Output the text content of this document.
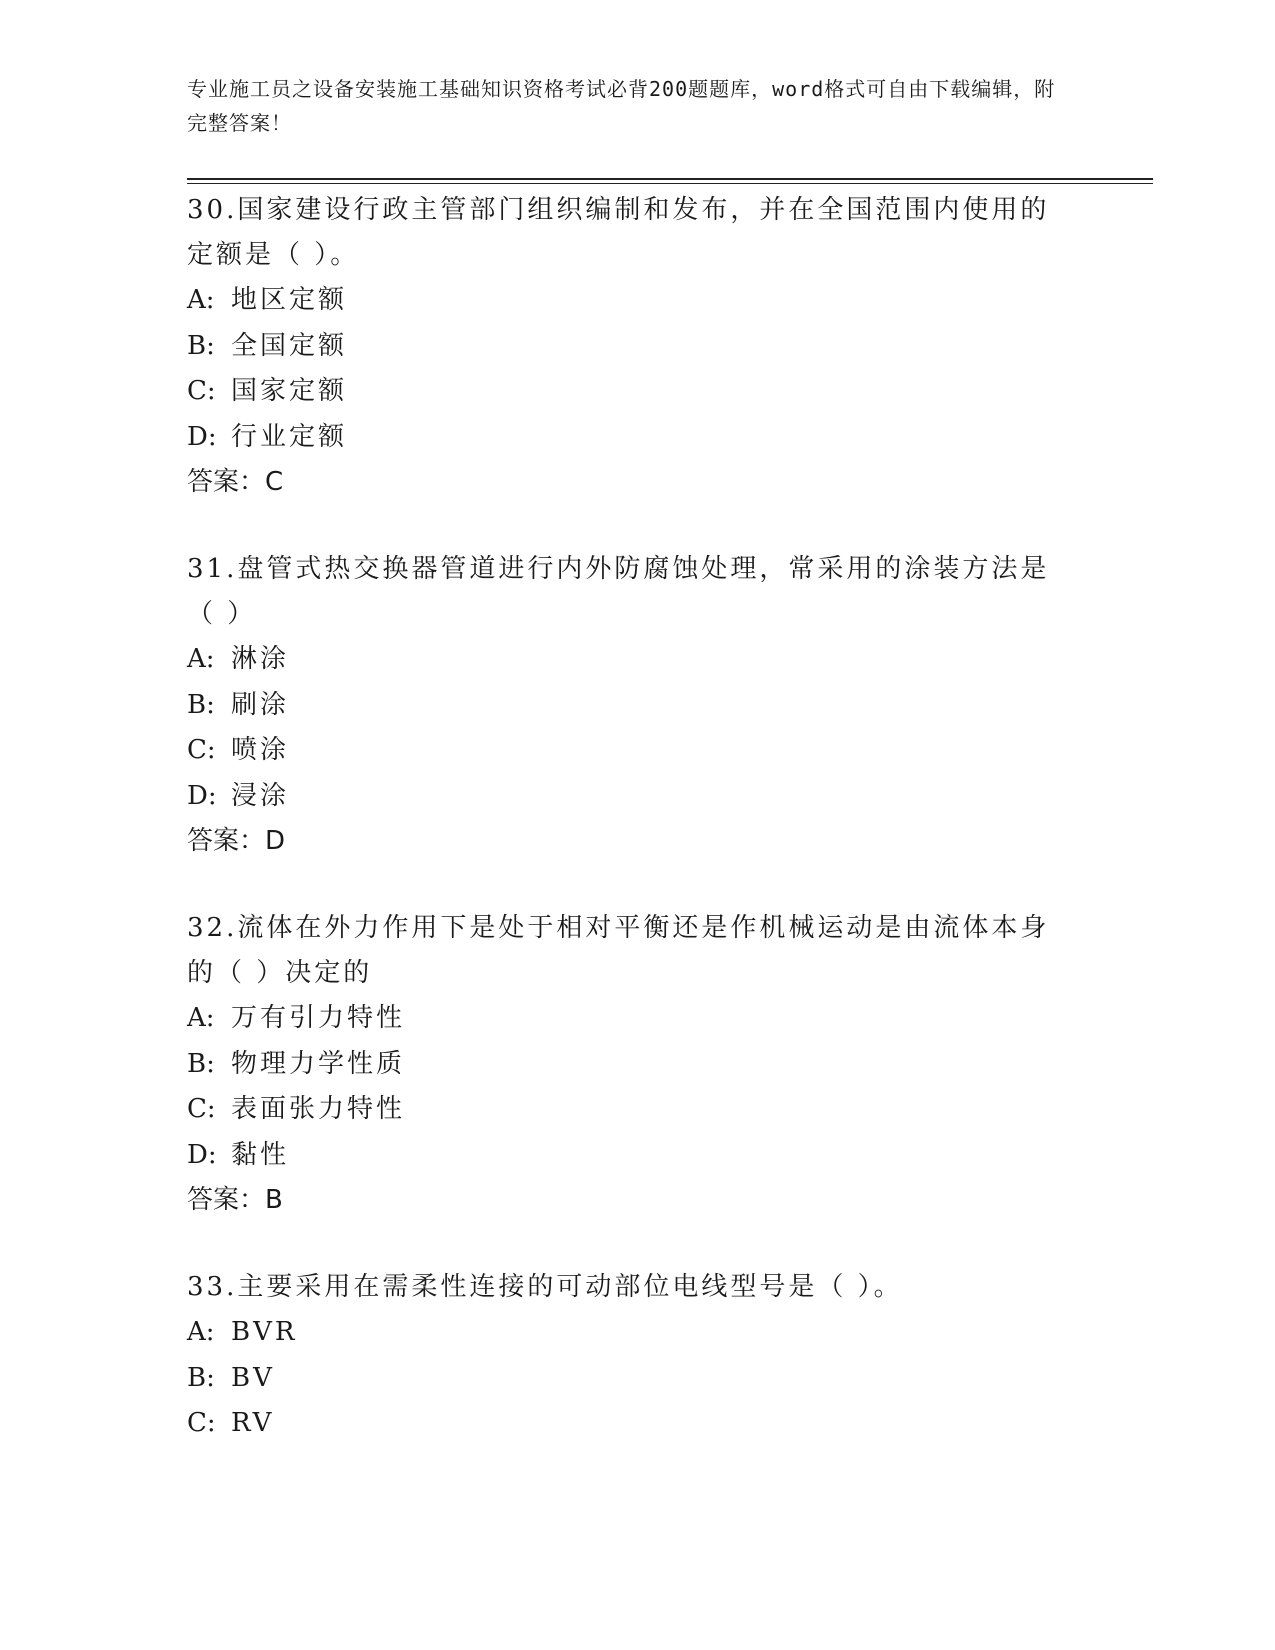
专业施工员之设备安装施工基础知识资格考试必背200题题库，word格式可自由下载编辑，附完整答案！

30.国家建设行政主管部门组织编制和发布，并在全国范围内使用的定额是（ ）。

A: 地区定额

B: 全国定额

C: 国家定额

D: 行业定额

答案：C

31.盘管式热交换器管道进行内外防腐蚀处理，常采用的涂装方法是（ ）

A: 淋涂

B: 刷涂

C: 喷涂

D: 浸涂

答案：D

32.流体在外力作用下是处于相对平衡还是作机械运动是由流体本身的（ ）决定的

A: 万有引力特性

B: 物理力学性质

C: 表面张力特性

D: 黏性

答案：B

33.主要采用在需柔性连接的可动部位电线型号是（ ）。

A: BVR

B: BV

C: RV
